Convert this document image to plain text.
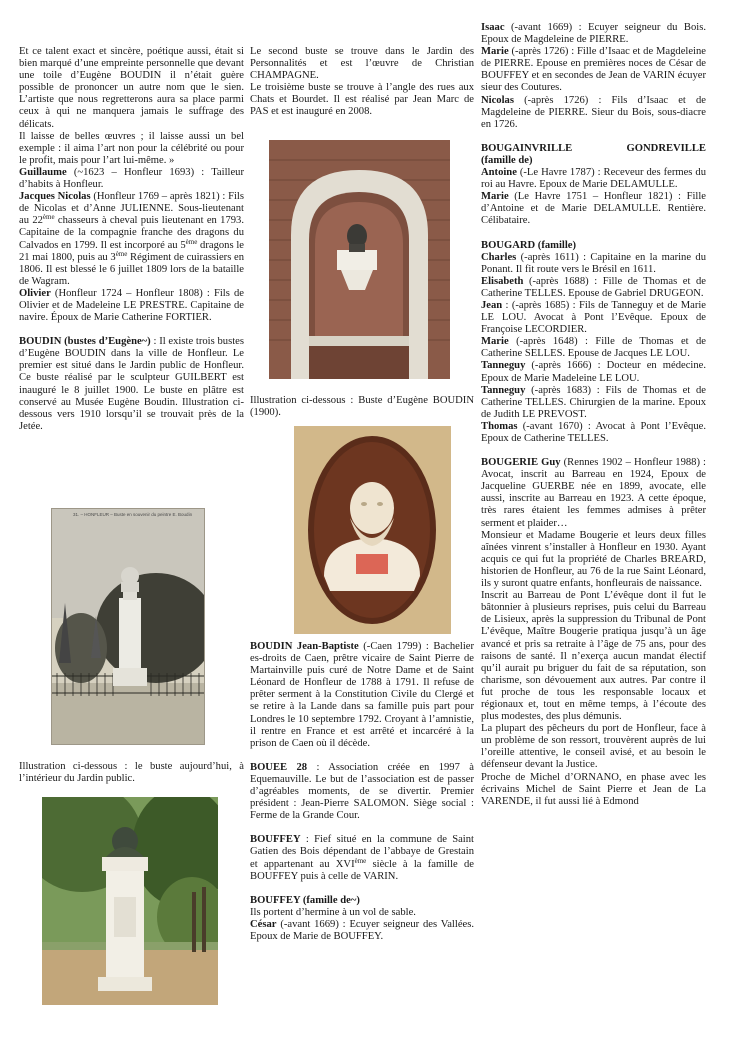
Et ce talent exact et sincère, poétique aussi, était si bien marqué d’une empreinte personnelle que devant une toile d’Eugène BOUDIN il n’était guère possible de prononcer un autre nom que le sien. L’artiste que nous regretterons aura sa place parmi ceux à qui ne manquera jamais le suffrage des délicats.

Il laisse de belles œuvres ; il laisse aussi un bel exemple : il aima l’art non pour la célébrité ou pour le profit, mais pour l’art lui-même. »

Guillaume (~1623 – Honfleur 1693) : Tailleur d’habits à Honfleur.

Jacques Nicolas (Honfleur 1769 – après 1821) : Fils de Nicolas et d’Anne JULIENNE. Sous-lieutenant au 22ème chasseurs à cheval puis lieutenant en 1793. Capitaine de la compagnie franche des dragons du Calvados en 1799. Il est incorporé au 5ème dragons le 21 mai 1800, puis au 3ème Régiment de cuirassiers en 1806. Il est blessé le 6 juillet 1809 lors de la bataille de Wagram.

Olivier (Honfleur 1724 – Honfleur 1808) : Fils de Olivier et de Madeleine LE PRESTRE. Capitaine de navire. Époux de Marie Catherine FORTIER.

BOUDIN (bustes d’Eugène~) : Il existe trois bustes d’Eugène BOUDIN dans la ville de Honfleur. Le premier est situé dans le Jardin public de Honfleur. Ce buste réalisé par le sculpteur GUILBERT est inauguré le 8 juillet 1900. Le buste en plâtre est conservé au Musée Eugène Boudin. Illustration ci-dessous vers 1910 lorsqu’il se trouvait près de la Jetée.

31. – HONFLEUR – Buste en souvenir du peintre E. Boudin
Illustration ci-dessous : le buste aujourd’hui, à l’intérieur du Jardin public.

Le second buste se trouve dans le Jardin des Personnalités et est l’œuvre de Christian CHAMPAGNE.

Le troisième buste se trouve à l’angle des rues aux Chats et Bourdet. Il est réalisé par Jean Marc de PAS et est inauguré en 2008.

Illustration ci-dessous : Buste d’Eugène BOUDIN (1900).

BOUDIN Jean-Baptiste (-Caen 1799) : Bachelier es-droits de Caen, prêtre vicaire de Saint Pierre de Martainville puis curé de Notre Dame et de Saint Léonard de Honfleur de 1788 à 1791. Il refuse de prêter serment à la Constitution Civile du Clergé et se retire à la Lande dans sa famille puis part pour Londres le 10 septembre 1792. Croyant à l’amnistie, il rentre en France et est arrêté et incarcéré à la prison de Caen où il décède.

BOUEE 28 : Association créée en 1997 à Equemauville. Le but de l’association est de passer d’agréables moments, de se divertir. Premier président : Jean-Pierre SALOMON. Siège social : Ferme de la Grande Cour.

BOUFFEY : Fief situé en la commune de Saint Gatien des Bois dépendant de l’abbaye de Grestain et appartenant au XVIème siècle à la famille de BOUFFEY puis à celle de VARIN.

BOUFFEY (famille de~)

Ils portent d’hermine à un vol de sable.

César (-avant 1669) : Ecuyer seigneur des Vallées. Epoux de Marie de BOUFFEY.

Isaac (-avant 1669) : Ecuyer seigneur du Bois. Epoux de Magdeleine de PIERRE.

Marie (-après 1726) : Fille d’Isaac et de Magdeleine de PIERRE. Epouse en premières noces de César de BOUFFEY et en secondes de Jean de VARIN écuyer sieur des Coutures.

Nicolas (-après 1726) : Fils d’Isaac et de Magdeleine de PIERRE. Sieur du Bois, sous-diacre en 1726.

BOUGAINVRILLE	GONDREVILLE

(famille de)

Antoine (-Le Havre 1787) : Receveur des fermes du roi au Havre. Epoux de Marie DELAMULLE.

Marie (Le Havre 1751 – Honfleur 1821) : Fille d’Antoine et de Marie DELAMULLE. Rentière. Célibataire.

BOUGARD (famille)

Charles (-après 1611) : Capitaine en la marine du Ponant. Il fit route vers le Brésil en 1611.

Elisabeth (-après 1688) : Fille de Thomas et de Catherine TELLES. Epouse de Gabriel DRUGEON.

Jean : (-après 1685) : Fils de Tanneguy et de Marie LE LOU. Avocat à Pont l’Evêque. Epoux de Françoise LECORDIER.

Marie (-après 1648) : Fille de Thomas et de Catherine SELLES. Epouse de Jacques LE LOU.

Tanneguy (-après 1666) : Docteur en médecine. Epoux de Marie Madeleine LE LOU.

Tanneguy (-après 1683) : Fils de Thomas et de Catherine TELLES. Chirurgien de la marine. Epoux de Judith LE PREVOST.

Thomas (-avant 1670) : Avocat à Pont l’Evêque. Epoux de Catherine TELLES.

BOUGERIE Guy (Rennes 1902 – Honfleur 1988) : Avocat, inscrit au Barreau en 1924, Epoux de Jacqueline GUERBE née en 1899, avocate, elle aussi, inscrite au Barreau en 1923. A cette époque, très rares étaient les femmes admises à prêter serment et plaider…

Monsieur et Madame Bougerie et leurs deux filles aînées vinrent s’installer à Honfleur en 1930. Ayant acquis ce qui fut la propriété de Charles BREARD, historien de Honfleur, au 76 de la rue Saint Léonard, ils y suront quatre enfants, honfleurais de naissance.

Inscrit au Barreau de Pont L’évêque dont il fut le bâtonnier à plusieurs reprises, puis celui du Barreau de Lisieux, après la suppression du Tribunal de Pont L’évêque, Maître Bougerie pratiqua jusqu’à un âge avancé et pris sa retraite à l’âge de 75 ans, pour des raisons de santé. Il n’exerça aucun mandat électif qu’il aurait pu briguer du fait de sa réputation, son charisme, son dévouement aux autres. Par contre il fut proche de tous les responsable locaux et régionaux et, tout en même temps, à l’écoute des plus modestes, des plus démunis.

La plupart des pêcheurs du port de Honfleur, face à un problème de son ressort, trouvèrent auprès de lui l’oreille attentive, le conseil avisé, et au besoin le défenseur devant la Justice.

Proche de Michel d’ORNANO, en phase avec les écrivains Michel de Saint Pierre et Jean de La VARENDE, il fut aussi lié à Edmond
